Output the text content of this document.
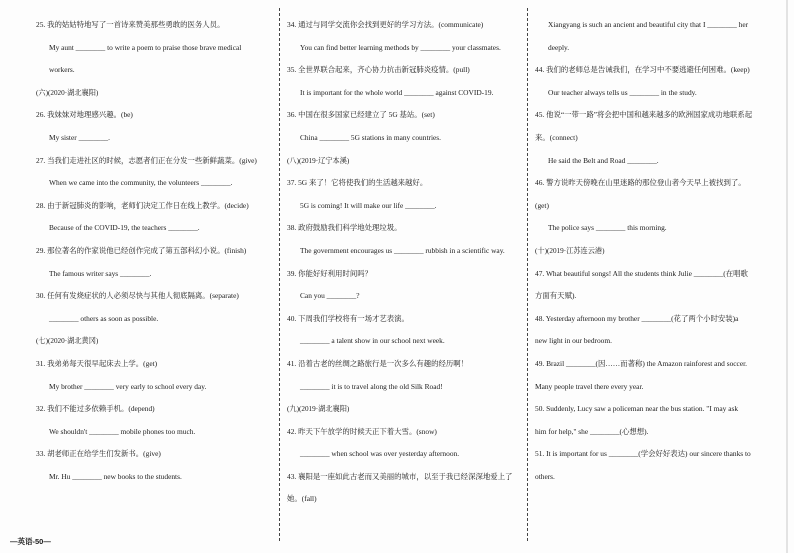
25. 我的姑姑特地写了一首诗来赞美那些勇敢的医务人员。
My aunt ________ to write a poem to praise those brave medical
workers.
(六)(2020·湖北襄阳)
26. 我妹妹对地理感兴趣。(be)
My sister ________.
27. 当我们走进社区的时候，志愿者们正在分发一些新鲜蔬菜。(give)
When we came into the community, the volunteers ________.
28. 由于新冠肺炎的影响，老师们决定工作日在线上教学。(decide)
Because of the COVID-19, the teachers ________.
29. 那位著名的作家说他已经创作完成了第五部科幻小说。(finish)
The famous writer says ________.
30. 任何有发烧症状的人必须尽快与其他人彻底隔离。(separate)
________ others as soon as possible.
(七)(2020·湖北黄冈)
31. 我弟弟每天很早起床去上学。(get)
My brother ________ very early to school every day.
32. 我们不能过多依赖手机。(depend)
We shouldn't ________ mobile phones too much.
33. 胡老师正在给学生们发新书。(give)
Mr. Hu ________ new books to the students.
34. 通过与同学交流你会找到更好的学习方法。(communicate)
You can find better learning methods by ________ your classmates.
35. 全世界联合起来，齐心协力抗击新冠肺炎疫情。(pull)
It is important for the whole world ________ against COVID-19.
36. 中国在很多国家已经建立了 5G 基站。(set)
China ________ 5G stations in many countries.
(八)(2019·辽宁本溪)
37. 5G 来了！它将使我们的生活越来越好。
5G is coming! It will make our life ________.
38. 政府鼓励我们科学地处理垃圾。
The government encourages us ________ rubbish in a scientific way.
39. 你能好好利用时间吗？
Can you ________?
40. 下周我们学校将有一场才艺表演。
________ a talent show in our school next week.
41. 沿着古老的丝绸之路旅行是一次多么有趣的经历啊！
________ it is to travel along the old Silk Road!
(九)(2019·湖北襄阳)
42. 昨天下午放学的时候天正下着大雪。(snow)
________ when school was over yesterday afternoon.
43. 襄阳是一座如此古老而又美丽的城市，以至于我已经深深地爱上了
她。(fall)
Xiangyang is such an ancient and beautiful city that I ________ her
deeply.
44. 我们的老师总是告诫我们，在学习中不要逃避任何困难。(keep)
Our teacher always tells us ________ in the study.
45. 他说“一带一路”将会把中国和越来越多的欧洲国家成功地联系起
来。(connect)
He said the Belt and Road ________.
46. 警方说昨天傍晚在山里迷路的那位登山者今天早上被找到了。
(get)
The police says ________ this morning.
(十)(2019·江苏连云港)
47. What beautiful songs! All the students think Julie ________(在唱歌
方面有天赋).
48. Yesterday afternoon my brother ________(花了两个小时安装)a
new light in our bedroom.
49. Brazil ________(因……而著称) the Amazon rainforest and soccer.
Many people travel there every year.
50. Suddenly, Lucy saw a policeman near the bus station. "I may ask
him for help," she ________(心想想).
51. It is important for us ________(学会好好表达) our sincere thanks to
others.
—英语-50—
